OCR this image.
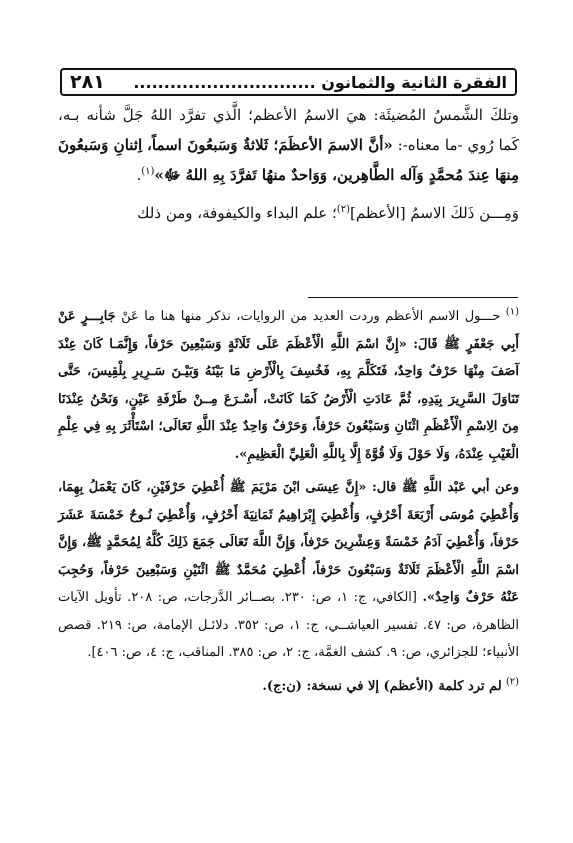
الفقرة الثانية والثمانون ..............................
٢٨١

وتلكَ الشَّمسُ المُضيئَة: هيَ الاسمُ الأعظم؛ الَّذي تفرَّد اللهُ جَلَّ شأنه بـه، كَما رُوي -ما معناه-: «أنَّ الاسمَ الأعظَمَ؛ ثَلاثةٌ وَسَبعُونَ اسماً، اِثنانِ وَسَبعُونَ مِنهَا عِندَ مُحمَّدٍ وَآله الطَّاهِرين، وَوَاحدٌ منهُا تَفرَّدَ بِهِ اللهُ ﷻ»$^{(١)}$.

وَمِـــن ذَلكَ الاسمُ [الأعظم]$^{(٢)}$؛ علم البداء والكيفوفة، ومن ذلك

$^{(١)}$ حـــول الاسم الأعظم وردت العديد من الروايات، نذكر منها هنا ما عَنْ جَابِـــرٍ عَنْ أَبِي جَعْفَرٍ ﷺ قَالَ: «إِنَّ اسْمَ اللَّهِ الْأَعْظَمَ عَلَى ثَلَاثَةٍ وَسَبْعِينَ حَرْفاً، وَإِنَّمَـا كَانَ عِنْدَ آصَفَ مِنْهَا حَرْفٌ وَاحِدٌ، فَتَكَلَّمَ بِهِ، فَخُسِفَ بِالْأَرْضِ مَا بَيْنَهُ وَبَيْـنَ سَـرِيرِ بِلْقِيسَ، حَتَّى تَنَاوَلَ السَّرِيرَ بِيَدِهِ، ثُمَّ عَادَتِ الْأَرْضُ كَمَا كَانَتْ، أَسْـرَعَ مِــنْ طَرْفَةِ عَيْنٍ، وَنَحْنُ عِنْدَنَا مِنَ الِاسْمِ الْأَعْظَمِ اثْنَانِ وَسَبْعُونَ حَرْفاً، وَحَرْفٌ وَاحِدٌ عِنْدَ اللَّهِ تَعَالَى؛ اسْتَأْثَرَ بِهِ فِي عِلْمِ الْغَيْبِ عِنْدَهُ، وَلَا حَوْلَ وَلَا قُوَّةَ إِلَّا بِاللَّهِ الْعَلِيِّ الْعَظِيمِ».

وعن أبي عَبْد اللَّهِ ﷺ قال: «إِنَّ عِيسَى ابْنَ مَرْيَمَ ﷺ أُعْطِيَ حَرْفَيْنِ، كَانَ يَعْمَلُ بِهِمَا، وَأُعْطِيَ مُوسَى أَرْبَعَةَ أَحْرُفٍ، وَأُعْطِيَ إِبْرَاهِيمُ ثَمَانِيَةَ أَحْرُفٍ، وَأُعْطِيَ نُـوحٌ خَمْسَةَ عَشَرَ حَرْفاً، وَأُعْطِيَ آدَمُ خَمْسَةً وَعِشْرِينَ حَرْفاً، وَإِنَّ اللَّهَ تَعَالَى جَمَعَ ذَلِكَ كُلَّهُ لِمُحَمَّدٍ ﷺ، وَإِنَّ اسْمَ اللَّهِ الْأَعْظَمَ ثَلَاثَةٌ وَسَبْعُونَ حَرْفاً، أُعْطِيَ مُحَمَّدٌ ﷺ اثْنَيْنِ وَسَبْعِينَ حَرْفاً، وَحُجِبَ عَنْهُ حَرْفٌ وَاحِدٌ». [الكافي، ج: ١، ص: ٢٣٠. بصــائر الدَّرجات، ص: ٢٠٨. تأويل الآيات الظاهرة، ص: ٤٧. تفسير العياشــي، ج: ١، ص: ٣٥٢. دلائـل الإمامة، ص: ٢١٩. قصص الأنبياء؛ للجزائري، ص: ٩. كشف الغمَّة، ج: ٢، ص: ٣٨٥. المناقب، ج: ٤، ص: ٤٠٦].

$^{(٢)}$ لم ترد كلمة (الأعظم) إلا في نسخة: (ن:ج).
